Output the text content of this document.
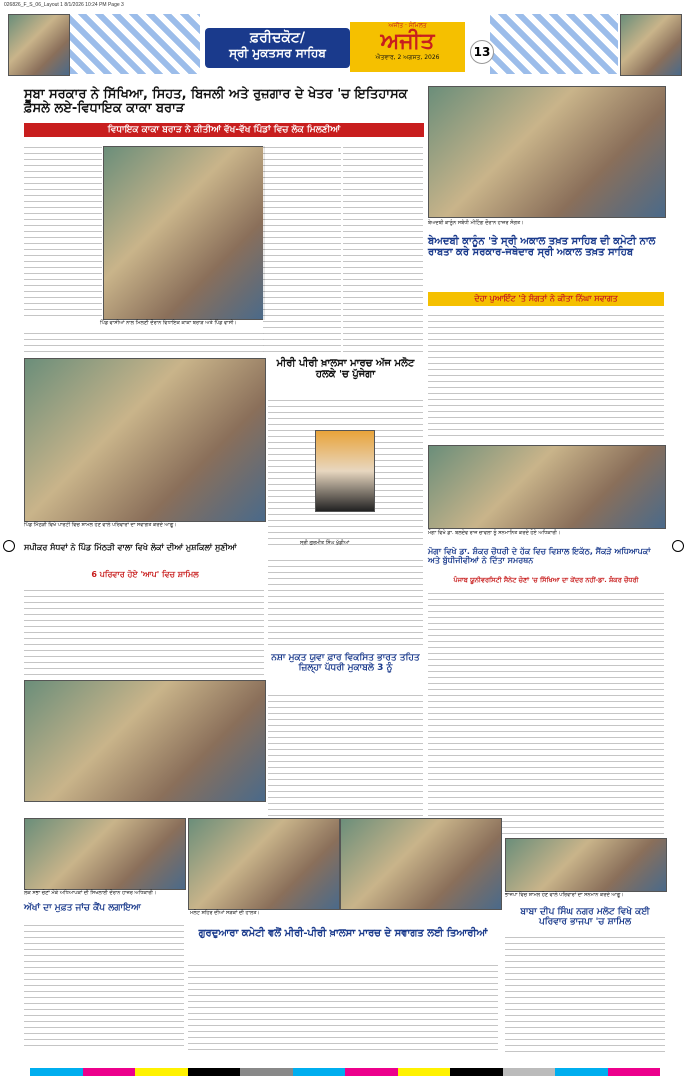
026826_F_S_06_Layout 1 8/1/2026 10:24 PM Page 3
ਫ਼ਰੀਦਕੋਟ/
ਸ੍ਰੀ ਮੁਕਤਸਰ ਸਾਹਿਬ
ਅਜੀਤ · ਸੰਮਿਲਤ
ਅਜੀਤ
ਐਤਵਾਰ, 2 ਅਗਸਤ, 2026	13
ਸੂਬਾ ਸਰਕਾਰ ਨੇ ਸਿੱਖਿਆ, ਸਿਹਤ, ਬਿਜਲੀ ਅਤੇ ਰੁਜ਼ਗਾਰ ਦੇ ਖੇਤਰ 'ਚ ਇਤਿਹਾਸਕ ਫ਼ੈਸਲੇ ਲਏ-ਵਿਧਾਇਕ ਕਾਕਾ ਬਰਾੜ
ਵਿਧਾਇਕ ਕਾਕਾ ਬਰਾੜ ਨੇ ਕੀਤੀਆਂ ਵੱਖ-ਵੱਖ ਪਿੰਡਾਂ ਵਿਚ ਲੋਕ ਮਿਲਣੀਆਂ
ਪਿੰਡ ਵਾਸੀਆਂ ਨਾਲ ਮਿਲਣੀ ਦੌਰਾਨ ਵਿਧਾਇਕ ਕਾਕਾ ਬਰਾੜ ਅਤੇ ਪਿੰਡ ਵਾਸੀ।
ਬੇਅਦਬੀ ਕਾਨੂੰਨ ਸਬੰਧੀ ਮੀਟਿੰਗ ਦੌਰਾਨ ਹਾਜ਼ਰ ਸੰਗਤ।
ਬੇਅਦਬੀ ਕਾਨੂੰਨ 'ਤੇ ਸ੍ਰੀ ਅਕਾਲ ਤਖ਼ਤ ਸਾਹਿਬ ਦੀ ਕਮੇਟੀ ਨਾਲ ਰਾਬਤਾ ਕਰੇ ਸਰਕਾਰ-ਜਥੇਦਾਰ ਸ੍ਰੀ ਅਕਾਲ ਤਖ਼ਤ ਸਾਹਿਬ
ਦੇਹਾ ਪੁਆਇੰਟ 'ਤੇ ਸੰਗਤਾਂ ਨੇ ਕੀਤਾ ਨਿੱਘਾ ਸਵਾਗਤ
ਮੀਰੀ ਪੀਰੀ ਖ਼ਾਲਸਾ ਮਾਰਚ ਅੱਜ ਮਲੋਟ ਹਲਕੇ 'ਚ ਪੁੱਜੇਗਾ
ਸ੍ਰੀ ਗੁਰਮੀਤ ਸਿੰਘ ਖੁੱਡੀਆਂ
ਪਿੰਡ ਮਿੱਠੜੀ ਵਿਖੇ ਪਾਰਟੀ ਵਿਚ ਸ਼ਾਮਲ ਹੋਣ ਵਾਲੇ ਪਰਿਵਾਰਾਂ ਦਾ ਸਵਾਗਤ ਕਰਦੇ ਆਗੂ।
ਸਪੀਕਰ ਸੰਧਵਾਂ ਨੇ ਪਿੰਡ ਮਿੱਠੜੀ ਵਾਲਾ ਵਿਖੇ ਲੋਕਾਂ ਦੀਆਂ ਮੁਸ਼ਕਿਲਾਂ ਸੁਣੀਆਂ
6 ਪਰਿਵਾਰ ਹੋਏ 'ਆਪ' ਵਿਚ ਸ਼ਾਮਿਲ
ਮੋਗਾ ਵਿਖੇ ਡਾ. ਬਲਦੇਵ ਰਾਜ ਚਾਵਲਾ ਨੂੰ ਸਨਮਾਨਿਤ ਕਰਦੇ ਹੋਏ ਅਧਿਕਾਰੀ।
ਮੋਗਾ ਵਿਖੇ ਡਾ. ਸ਼ੰਕਰ ਚੌਧਰੀ ਦੇ ਹੱਕ ਵਿਚ ਵਿਸ਼ਾਲ ਇਕੱਠ, ਸੈਂਕੜੇ ਅਧਿਆਪਕਾਂ ਅਤੇ ਬੁੱਧੀਜੀਵੀਆਂ ਨੇ ਦਿੱਤਾ ਸਮਰਥਨ
ਪੰਜਾਬ ਯੂਨੀਵਰਸਿਟੀ ਸੈਨੇਟ ਚੋਣਾਂ 'ਚ ਸਿੱਖਿਆ ਦਾ ਕੇਂਦਰ ਨਹੀਂ-ਡਾ. ਸ਼ੰਕਰ ਚੌਧਰੀ
ਨਸ਼ਾ ਮੁਕਤ ਯੁਵਾ ਫ਼ਾਰ ਵਿਕਸਿਤ ਭਾਰਤ ਤਹਿਤ ਜ਼ਿਲ੍ਹਾ ਪੱਧਰੀ ਮੁਕਾਬਲੇ 3 ਨੂੰ
ਲੋਕ ਸਭਾ ਚੋਣਾਂ ਮੌਕੇ ਅਧਿਆਪਕਾਂ ਦੀ ਸਿਖਲਾਈ ਦੌਰਾਨ ਹਾਜ਼ਰ ਅਧਿਕਾਰੀ।
ਅੱਖਾਂ ਦਾ ਮੁਫ਼ਤ ਜਾਂਚ ਕੈਂਪ ਲਗਾਇਆ	ਮਲੋਟ ਸ਼ਹਿਰ ਦੀਆਂ ਸੜਕਾਂ ਦੀ ਹਾਲਤ।
ਗੁਰਦੁਆਰਾ ਕਮੇਟੀ ਵਲੋਂ ਮੀਰੀ-ਪੀਰੀ ਖ਼ਾਲਸਾ ਮਾਰਚ ਦੇ ਸਵਾਗਤ ਲਈ ਤਿਆਰੀਆਂ
ਭਾਜਪਾ ਵਿਚ ਸ਼ਾਮਲ ਹੋਣ ਵਾਲੇ ਪਰਿਵਾਰਾਂ ਦਾ ਸਨਮਾਨ ਕਰਦੇ ਆਗੂ।
ਬਾਬਾ ਦੀਪ ਸਿੰਘ ਨਗਰ ਮਲੋਟ ਵਿਖੇ ਕਈ ਪਰਿਵਾਰ ਭਾਜਪਾ 'ਚ ਸ਼ਾਮਿਲ
